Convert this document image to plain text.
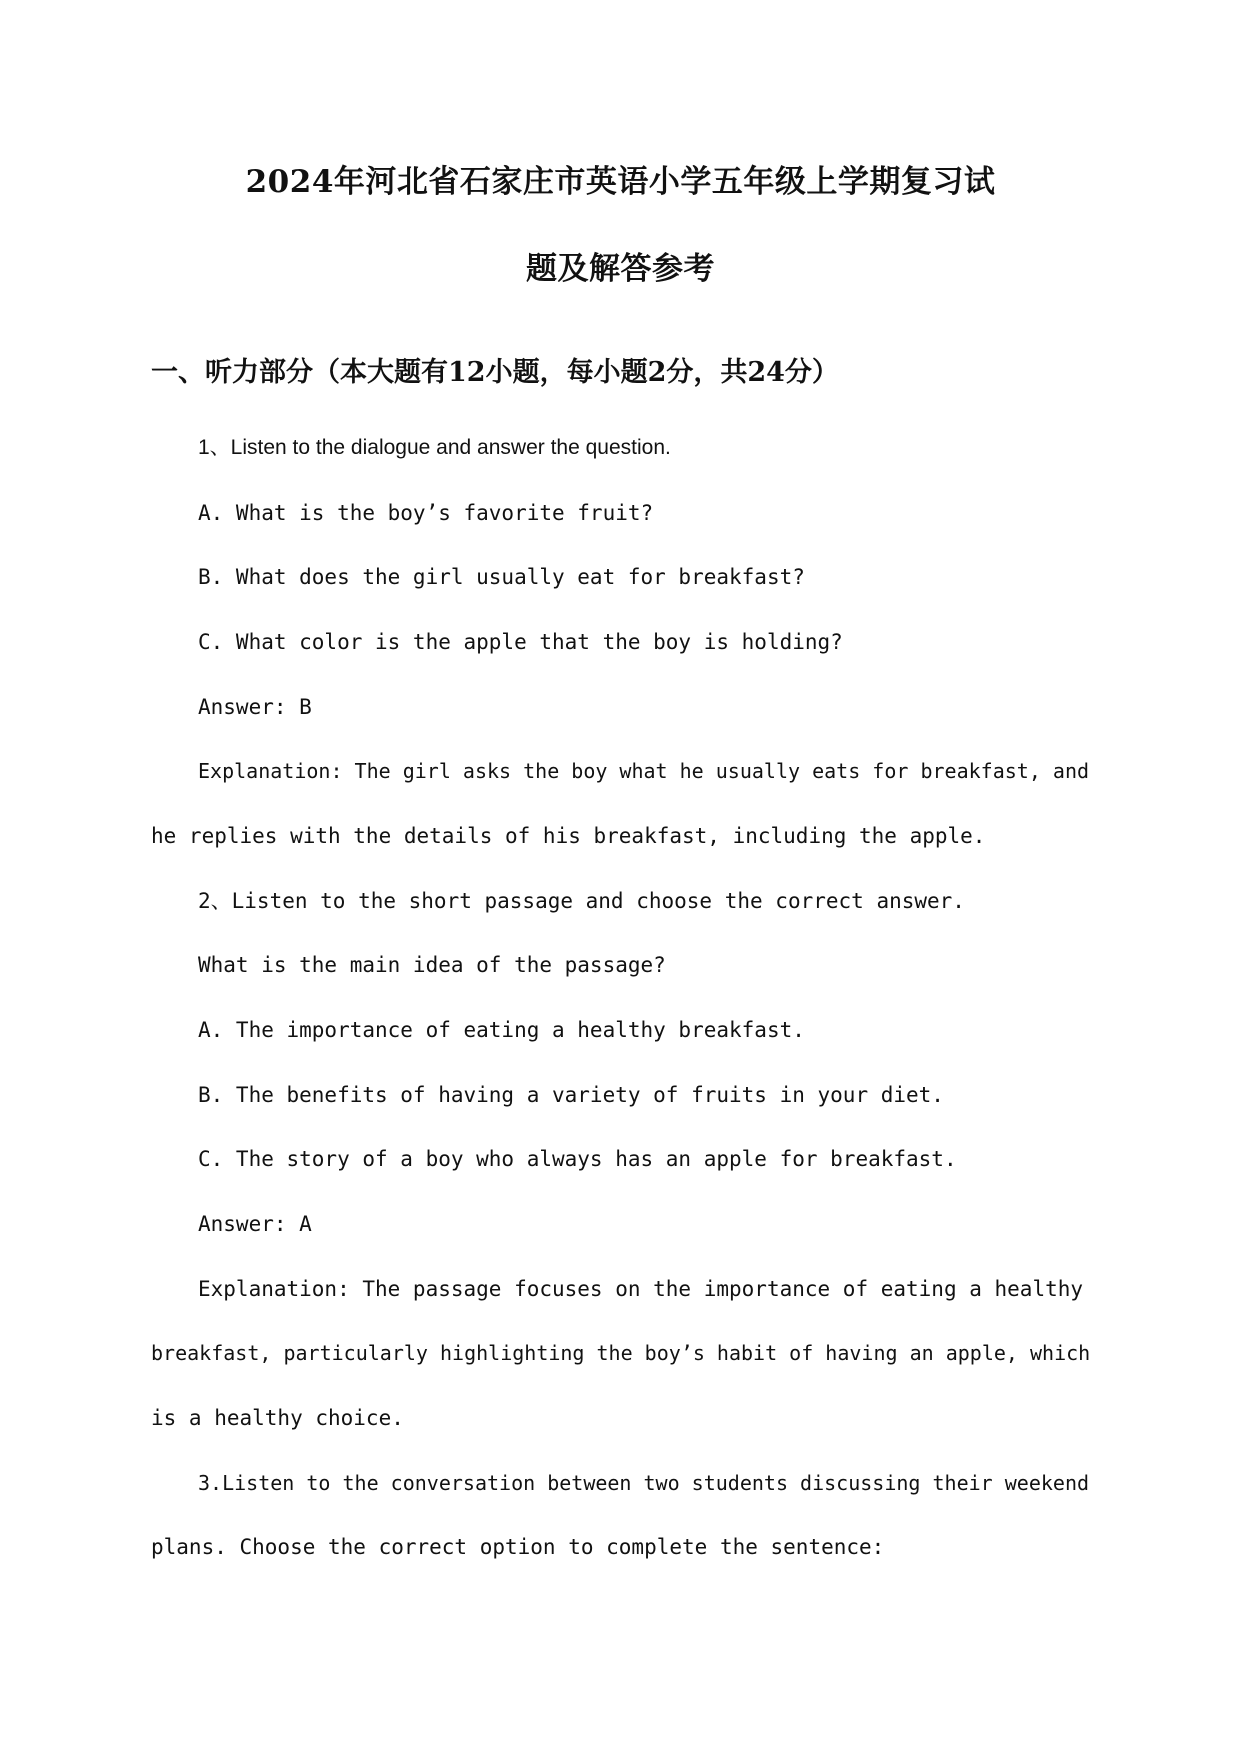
2024年河北省石家庄市英语小学五年级上学期复习试
题及解答参考
一、听力部分（本大题有12小题，每小题2分，共24分）
1、Listen to the dialogue and answer the question.
A. What is the boy’s favorite fruit?
B. What does the girl usually eat for breakfast?
C. What color is the apple that the boy is holding?
Answer: B
Explanation: The girl asks the boy what he usually eats for breakfast, and
he replies with the details of his breakfast, including the apple.
2、Listen to the short passage and choose the correct answer.
What is the main idea of the passage?
A. The importance of eating a healthy breakfast.
B. The benefits of having a variety of fruits in your diet.
C. The story of a boy who always has an apple for breakfast.
Answer: A
Explanation: The passage focuses on the importance of eating a healthy
breakfast, particularly highlighting the boy’s habit of having an apple, which
is a healthy choice.
3.Listen to the conversation between two students discussing their weekend
plans. Choose the correct option to complete the sentence:
